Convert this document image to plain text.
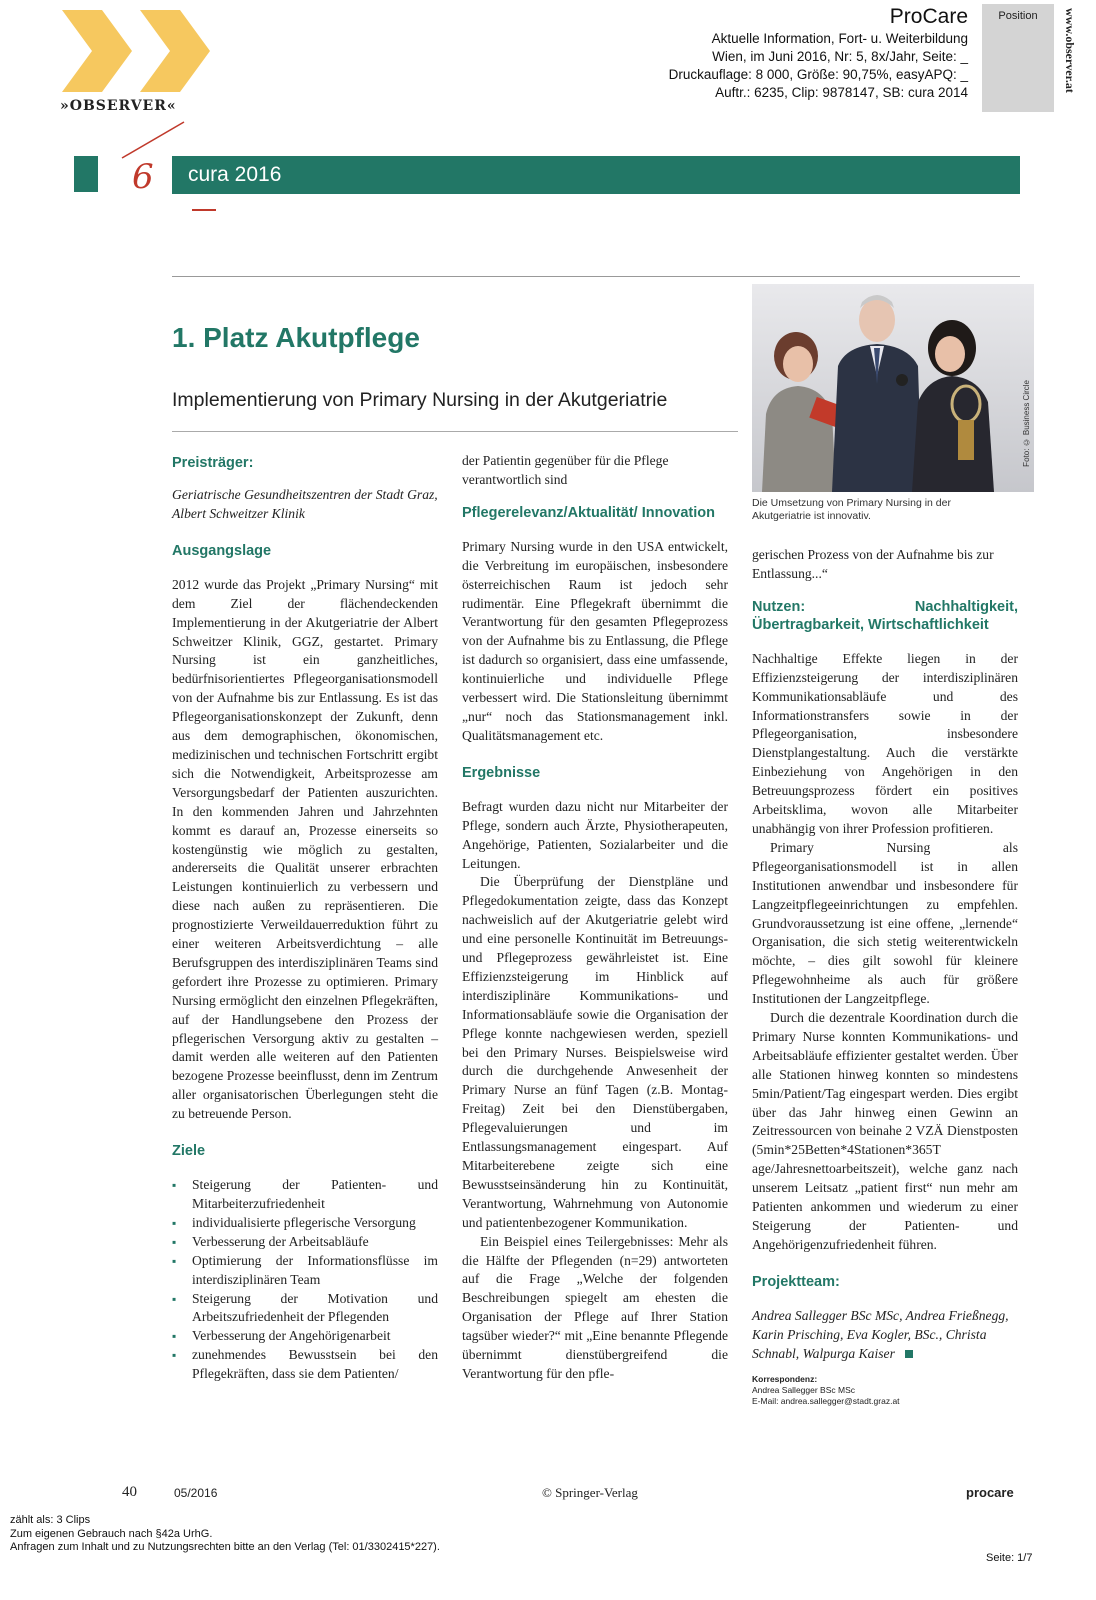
»OBSERVER«
ProCare
Aktuelle Information, Fort- u. Weiterbildung
Wien, im Juni 2016, Nr: 5, 8x/Jahr, Seite: _
Druckauflage: 8 000, Größe: 90,75%, easyAPQ: _
Auftr.: 6235, Clip: 9878147, SB: cura 2014
Position	www.observer.at
6	cura 2016
1. Platz Akutpflege
Implementierung von Primary Nursing in der Akutgeriatrie	Foto: © Business Circle
Die Umsetzung von Primary Nursing in der Akutgeriatrie ist innovativ.
Preisträger:

Geriatrische Gesundheitszentren der Stadt Graz, Albert Schweitzer Klinik

Ausgangslage

2012 wurde das Projekt „Primary Nursing“ mit dem Ziel der flächendeckenden Implementierung in der Akutgeriatrie der Albert Schweitzer Klinik, GGZ, gestartet. Primary Nursing ist ein ganzheitliches, bedürfnisorientiertes Pflegeorganisationsmodell von der Aufnahme bis zur Entlassung. Es ist das Pflegeorganisationskonzept der Zukunft, denn aus dem demographischen, ökonomischen, medizinischen und technischen Fortschritt ergibt sich die Notwendigkeit, Arbeitsprozesse am Versorgungsbedarf der Patienten auszurichten. In den kommenden Jahren und Jahrzehnten kommt es darauf an, Prozesse einerseits so kostengünstig wie möglich zu gestalten, andererseits die Qualität unserer erbrachten Leistungen kontinuierlich zu verbessern und diese nach außen zu repräsentieren. Die prognostizierte Verweildauerreduktion führt zu einer weiteren Arbeitsverdichtung – alle Berufsgruppen des interdisziplinären Teams sind gefordert ihre Prozesse zu optimieren. Primary Nursing ermöglicht den einzelnen Pflegekräften, auf der Handlungsebene den Prozess der pflegerischen Versorgung aktiv zu gestalten – damit werden alle weiteren auf den Patienten bezogene Prozesse beeinflusst, denn im Zentrum aller organisatorischen Überlegungen steht die zu betreuende Person.

Ziele
▪ Steigerung der Patienten- und Mitarbeiterzufriedenheit
▪ individualisierte pflegerische Versorgung
▪ Verbesserung der Arbeitsabläufe
▪ Optimierung der Informationsflüsse im interdisziplinären Team
▪ Steigerung der Motivation und Arbeitszufriedenheit der Pflegenden
▪ Verbesserung der Angehörigenarbeit
▪ zunehmendes Bewusstsein bei den Pflegekräften, dass sie dem Patienten/

der Patientin gegenüber für die Pflege verantwortlich sind

Pflegerelevanz/Aktualität/ Innovation

Primary Nursing wurde in den USA entwickelt, die Verbreitung im europäischen, insbesondere österreichischen Raum ist jedoch sehr rudimentär. Eine Pflegekraft übernimmt die Verantwortung für den gesamten Pflegeprozess von der Aufnahme bis zu Entlassung, die Pflege ist dadurch so organisiert, dass eine umfassende, kontinuierliche und individuelle Pflege verbessert wird. Die Stationsleitung übernimmt „nur“ noch das Stationsmanagement inkl. Qualitätsmanagement etc.

Ergebnisse

Befragt wurden dazu nicht nur Mitarbeiter der Pflege, sondern auch Ärzte, Physiotherapeuten, Angehörige, Patienten, Sozialarbeiter und die Leitungen.

Die Überprüfung der Dienstpläne und Pflegedokumentation zeigte, dass das Konzept nachweislich auf der Akutgeriatrie gelebt wird und eine personelle Kontinuität im Betreuungs- und Pflegeprozess gewährleistet ist. Eine Effizienzsteigerung im Hinblick auf interdisziplinäre Kommunikations- und Informationsabläufe sowie die Organisation der Pflege konnte nachgewiesen werden, speziell bei den Primary Nurses. Beispielsweise wird durch die durchgehende Anwesenheit der Primary Nurse an fünf Tagen (z.B. Montag-Freitag) Zeit bei den Dienstübergaben, Pflegevaluierungen und im Entlassungsmanagement eingespart. Auf Mitarbeiterebene zeigte sich eine Bewusstseinsänderung hin zu Kontinuität, Verantwortung, Wahrnehmung von Autonomie und patientenbezogener Kommunikation.

Ein Beispiel eines Teilergebnisses: Mehr als die Hälfte der Pflegenden (n=29) antworteten auf die Frage „Welche der folgenden Beschreibungen spiegelt am ehesten die Organisation der Pflege auf Ihrer Station tagsüber wieder?“ mit „Eine benannte Pflegende übernimmt dienstübergreifend die Verantwortung für den pfle-

gerischen Prozess von der Aufnahme bis zur Entlassung...“

Nutzen: Nachhaltigkeit, Übertragbarkeit, Wirtschaftlichkeit

Nachhaltige Effekte liegen in der Effizienzsteigerung der interdisziplinären Kommunikationsabläufe und des Informationstransfers sowie in der Pflegeorganisation, insbesondere Dienstplangestaltung. Auch die verstärkte Einbeziehung von Angehörigen in den Betreuungsprozess fördert ein positives Arbeitsklima, wovon alle Mitarbeiter unabhängig von ihrer Profession profitieren.

Primary Nursing als Pflegeorganisationsmodell ist in allen Institutionen anwendbar und insbesondere für Langzeitpflegeeinrichtungen zu empfehlen. Grundvoraussetzung ist eine offene, „lernende“ Organisation, die sich stetig weiterentwickeln möchte, – dies gilt sowohl für kleinere Pflegewohnheime als auch für größere Institutionen der Langzeitpflege.

Durch die dezentrale Koordination durch die Primary Nurse konnten Kommunikations- und Arbeitsabläufe effizienter gestaltet werden. Über alle Stationen hinweg konnten so mindestens 5min/Patient/Tag eingespart werden. Dies ergibt über das Jahr hinweg einen Gewinn an Zeitressourcen von beinahe 2 VZÄ Dienstposten (5min*25Betten*4Stationen*365T age/Jahresnettoarbeitszeit), welche ganz nach unserem Leitsatz „patient first“ nun mehr am Patienten ankommen und wiederum zu einer Steigerung der Patienten- und Angehörigenzufriedenheit führen.

Projektteam:

Andrea Sallegger BSc MSc, Andrea Frießnegg, Karin Prisching, Eva Kogler, BSc., Christa Schnabl, Walpurga Kaiser

Korrespondenz:
Andrea Sallegger BSc MSc
E-Mail: andrea.sallegger@stadt.graz.at
40	05/2016	© Springer-Verlag	procare
zählt als: 3 Clips
Zum eigenen Gebrauch nach §42a UrhG.
Anfragen zum Inhalt und zu Nutzungsrechten bitte an den Verlag (Tel: 01/3302415*227).
Seite: 1/7
